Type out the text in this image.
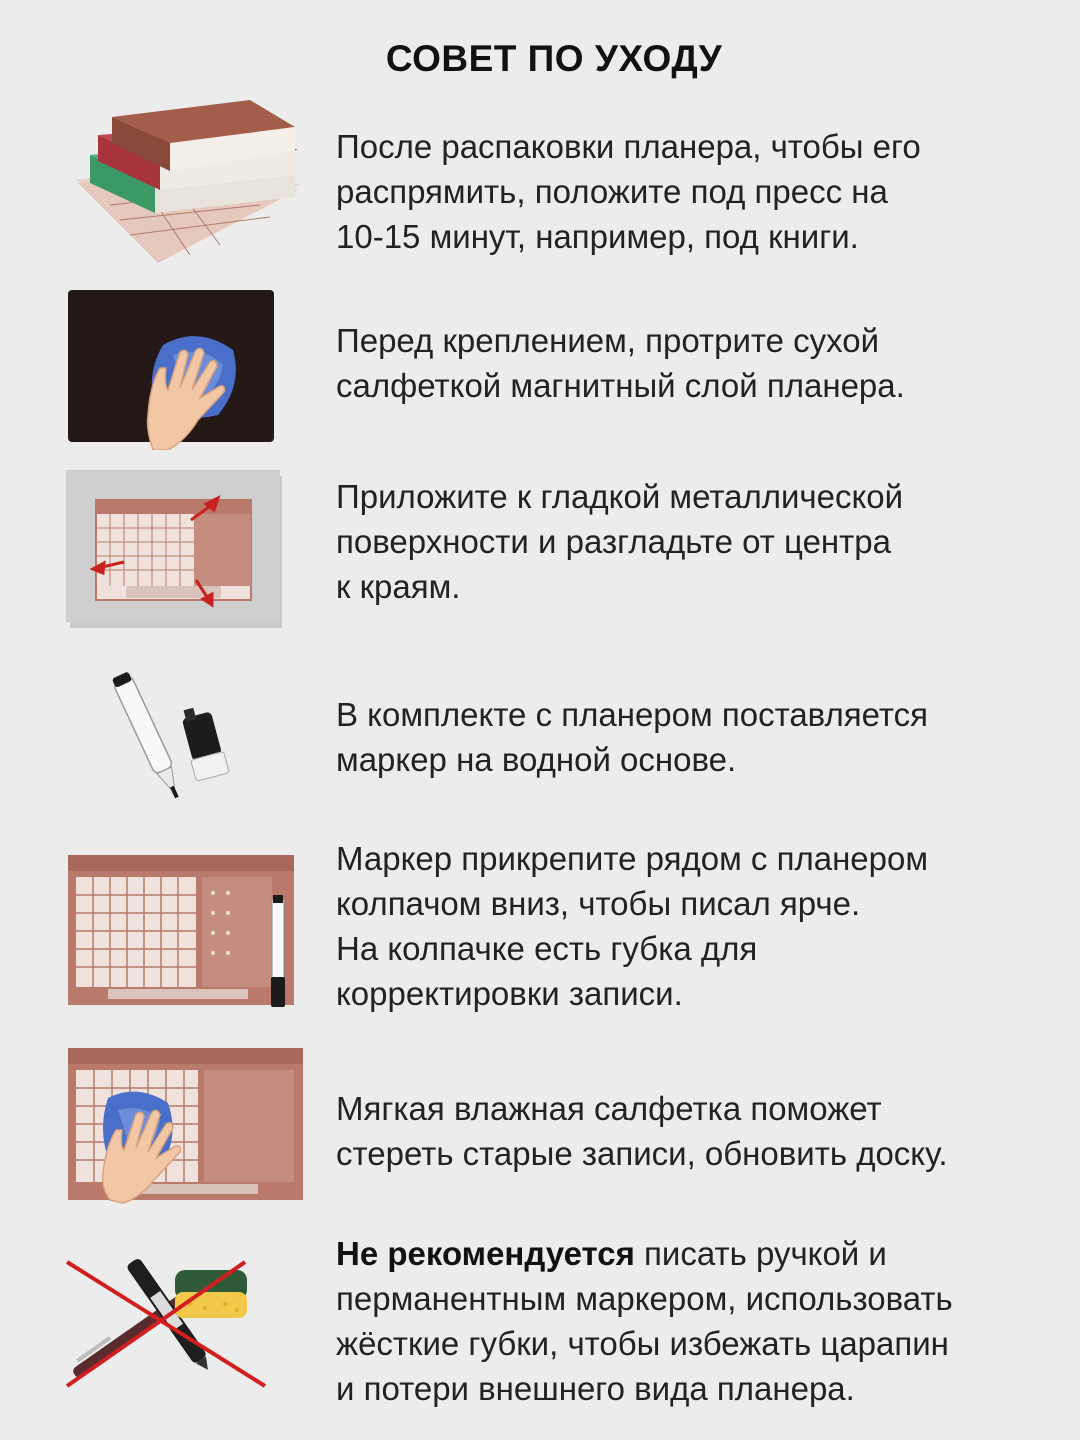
СОВЕТ ПО УХОДУ
После распаковки планера, чтобы его
распрямить, положите под пресс на
10-15 минут, например, под книги.
Перед креплением, протрите сухой
салфеткой магнитный слой планера.
Приложите к гладкой металлической
поверхности и разгладьте от центра
к краям.
В комплекте с планером поставляется
маркер на водной основе.
Маркер прикрепите рядом с планером
колпачом вниз, чтобы писал ярче.
На колпачке есть губка для
корректировки записи.
Мягкая влажная салфетка поможет
стереть старые записи, обновить доску.
Не рекомендуется писать ручкой и
перманентным маркером, использовать
жёсткие губки, чтобы избежать царапин
и потери внешнего вида планера.
